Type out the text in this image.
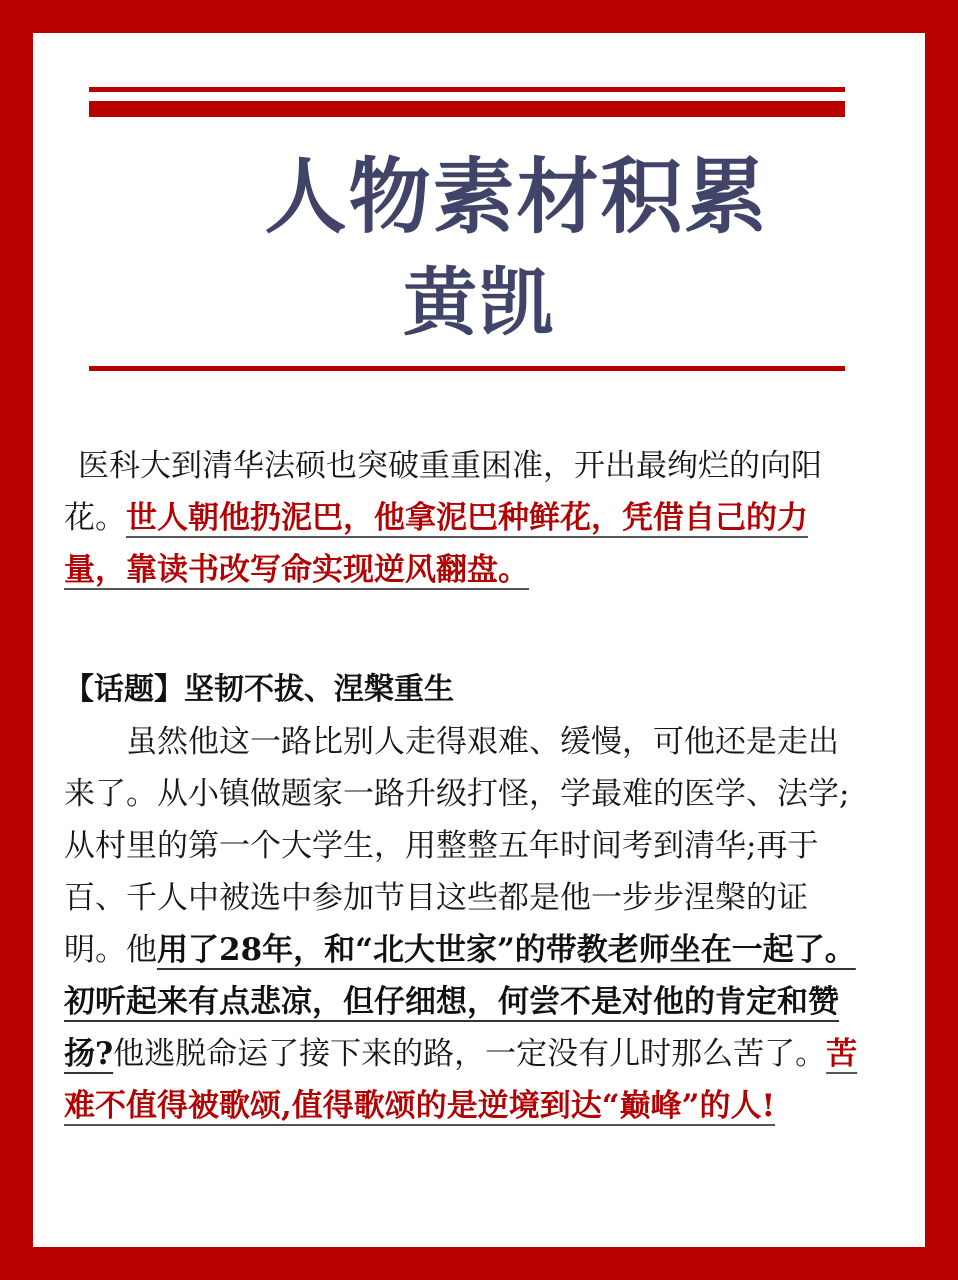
人物素材积累
黄凯
医科大到清华法硕也突破重重困准，开出最绚烂的向阳花。世人朝他扔泥巴，他拿泥巴种鲜花，凭借自己的力量，靠读书改写命实现逆风翻盘。
【话题】坚韧不拔、涅槃重生
虽然他这一路比别人走得艰难、缓慢，可他还是走出来了。从小镇做题家一路升级打怪，学最难的医学、法学;从村里的第一个大学生，用整整五年时间考到清华;再于百、千人中被选中参加节目这些都是他一步步涅槃的证明。他用了28年，和“北大世家”的带教老师坐在一起了。初听起来有点悲凉，但仔细想，何尝不是对他的肯定和赞扬?他逃脱命运了接下来的路，一定没有儿时那么苦了。苦难不值得被歌颂,值得歌颂的是逆境到达“巅峰”的人!
